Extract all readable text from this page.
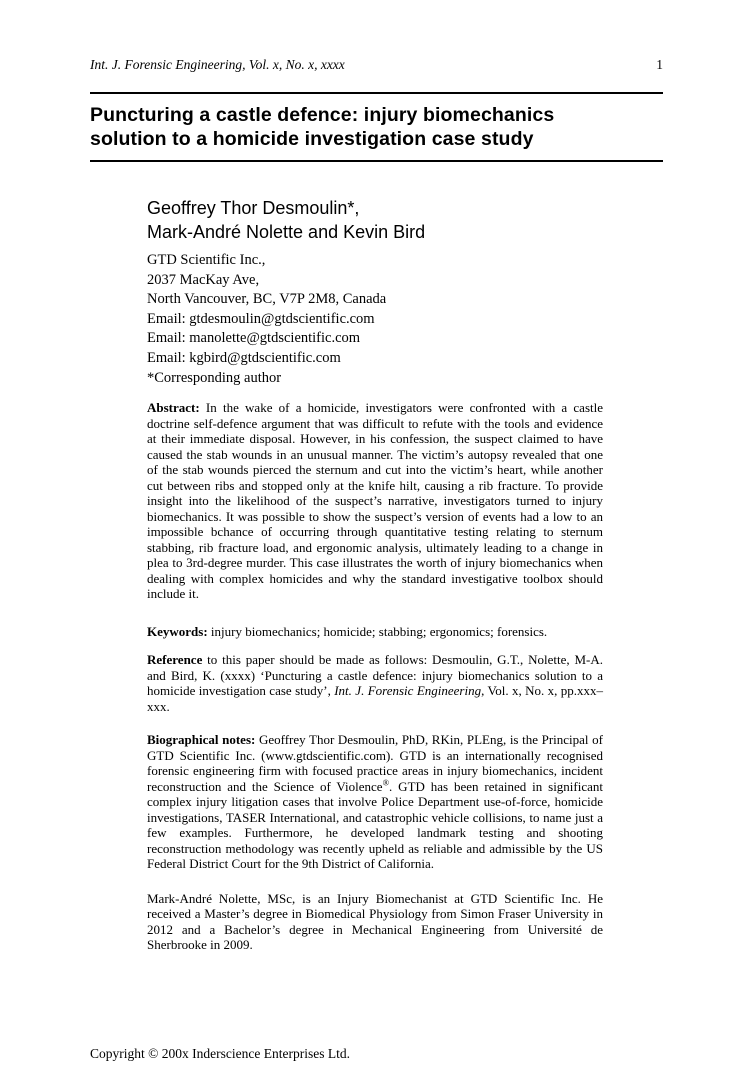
Int. J. Forensic Engineering, Vol. x, No. x, xxxx	1
Puncturing a castle defence: injury biomechanics
solution to a homicide investigation case study
Geoffrey Thor Desmoulin*,
Mark-André Nolette and Kevin Bird
GTD Scientific Inc.,
2037 MacKay Ave,
North Vancouver, BC, V7P 2M8, Canada
Email: gtdesmoulin@gtdscientific.com
Email: manolette@gtdscientific.com
Email: kgbird@gtdscientific.com
*Corresponding author

Abstract: In the wake of a homicide, investigators were confronted with a castle doctrine self-defence argument that was difficult to refute with the tools and evidence at their immediate disposal. However, in his confession, the suspect claimed to have caused the stab wounds in an unusual manner. The victim’s autopsy revealed that one of the stab wounds pierced the sternum and cut into the victim’s heart, while another cut between ribs and stopped only at the knife hilt, causing a rib fracture. To provide insight into the likelihood of the suspect’s narrative, investigators turned to injury biomechanics. It was possible to show the suspect’s version of events had a low to an impossible bchance of occurring through quantitative testing relating to sternum stabbing, rib fracture load, and ergonomic analysis, ultimately leading to a change in plea to 3rd-degree murder. This case illustrates the worth of injury biomechanics when dealing with complex homicides and why the standard investigative toolbox should include it.

Keywords: injury biomechanics; homicide; stabbing; ergonomics; forensics.

Reference to this paper should be made as follows: Desmoulin, G.T., Nolette, M-A. and Bird, K. (xxxx) ‘Puncturing a castle defence: injury biomechanics solution to a homicide investigation case study’, Int. J. Forensic Engineering, Vol. x, No. x, pp.xxx–xxx.

Biographical notes: Geoffrey Thor Desmoulin, PhD, RKin, PLEng, is the Principal of GTD Scientific Inc. (www.gtdscientific.com). GTD is an internationally recognised forensic engineering firm with focused practice areas in injury biomechanics, incident reconstruction and the Science of Violence®. GTD has been retained in significant complex injury litigation cases that involve Police Department use-of-force, homicide investigations, TASER International, and catastrophic vehicle collisions, to name just a few examples. Furthermore, he developed landmark testing and shooting reconstruction methodology was recently upheld as reliable and admissible by the US Federal District Court for the 9th District of California.

Mark-André Nolette, MSc, is an Injury Biomechanist at GTD Scientific Inc. He received a Master’s degree in Biomedical Physiology from Simon Fraser University in 2012 and a Bachelor’s degree in Mechanical Engineering from Université de Sherbrooke in 2009.

Copyright © 200x Inderscience Enterprises Ltd.
